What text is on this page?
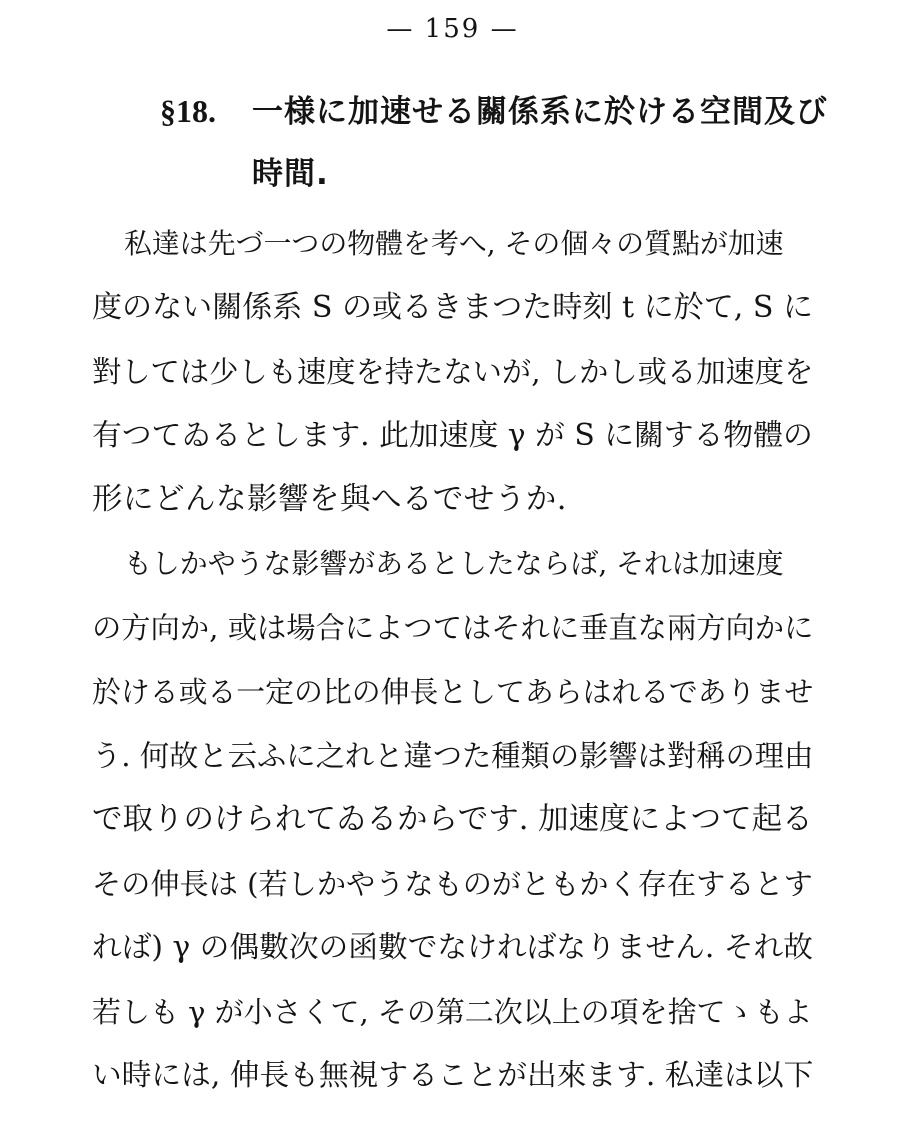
— 159 —
§18.	一様に加速せる關係系に於ける空間及び
時間.
私達は先づ一つの物體を考へ, その個々の質點が加速
度のない關係系 S の或るきまつた時刻 t に於て, S に
對しては少しも速度を持たないが, しかし或る加速度を
有つてゐるとします. 此加速度 γ が S に關する物體の
形にどんな影響を與へるでせうか.
もしかやうな影響があるとしたならば, それは加速度
の方向か, 或は場合によつてはそれに垂直な兩方向かに
於ける或る一定の比の伸長としてあらはれるでありませ
う. 何故と云ふに之れと違つた種類の影響は對稱の理由
で取りのけられてゐるからです. 加速度によつて起る
その伸長は (若しかやうなものがともかく存在するとす
れば) γ の偶數次の函數でなければなりません. それ故
若しも γ が小さくて, その第二次以上の項を捨てゝもよ
い時には, 伸長も無視することが出來ます. 私達は以下
